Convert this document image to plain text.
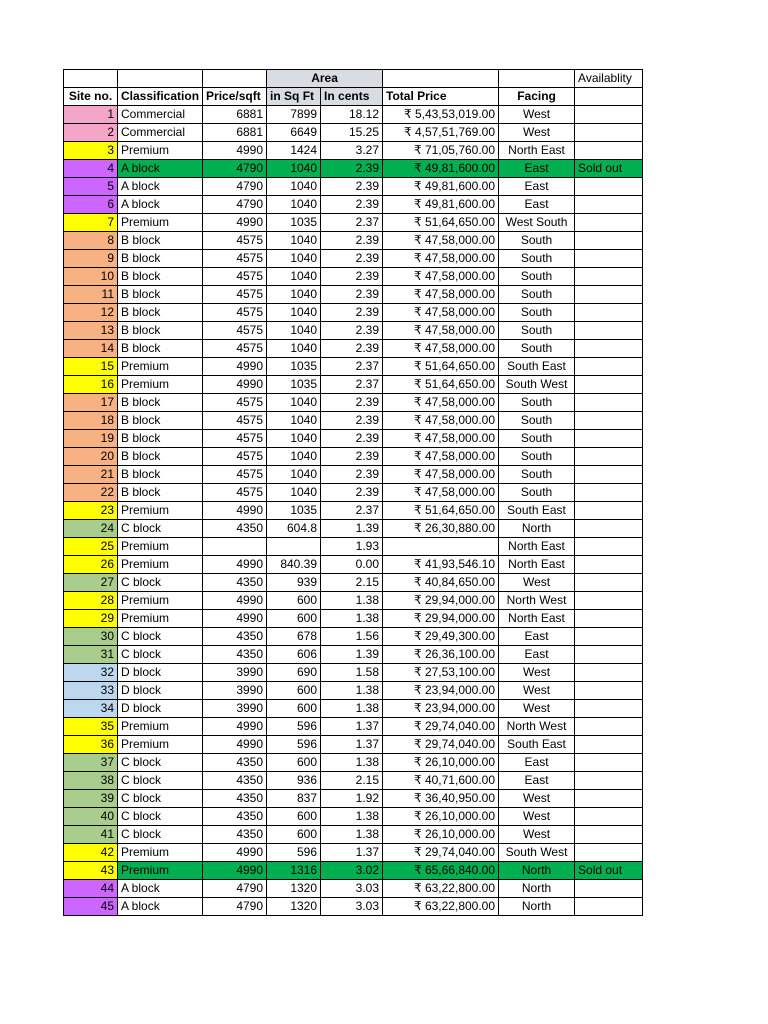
			Area				Availablity
Site no.	Classification	Price/sqft	in Sq Ft	In cents	Total Price	Facing	
1	Commercial	6881	7899	18.12	₹ 5,43,53,019.00	West	
2	Commercial	6881	6649	15.25	₹ 4,57,51,769.00	West	
3	Premium	4990	1424	3.27	₹ 71,05,760.00	North East	
4	A block	4790	1040	2.39	₹ 49,81,600.00	East	Sold out
5	A block	4790	1040	2.39	₹ 49,81,600.00	East	
6	A block	4790	1040	2.39	₹ 49,81,600.00	East	
7	Premium	4990	1035	2.37	₹ 51,64,650.00	West South	
8	B block	4575	1040	2.39	₹ 47,58,000.00	South	
9	B block	4575	1040	2.39	₹ 47,58,000.00	South	
10	B block	4575	1040	2.39	₹ 47,58,000.00	South	
11	B block	4575	1040	2.39	₹ 47,58,000.00	South	
12	B block	4575	1040	2.39	₹ 47,58,000.00	South	
13	B block	4575	1040	2.39	₹ 47,58,000.00	South	
14	B block	4575	1040	2.39	₹ 47,58,000.00	South	
15	Premium	4990	1035	2.37	₹ 51,64,650.00	South East	
16	Premium	4990	1035	2.37	₹ 51,64,650.00	South West	
17	B block	4575	1040	2.39	₹ 47,58,000.00	South	
18	B block	4575	1040	2.39	₹ 47,58,000.00	South	
19	B block	4575	1040	2.39	₹ 47,58,000.00	South	
20	B block	4575	1040	2.39	₹ 47,58,000.00	South	
21	B block	4575	1040	2.39	₹ 47,58,000.00	South	
22	B block	4575	1040	2.39	₹ 47,58,000.00	South	
23	Premium	4990	1035	2.37	₹ 51,64,650.00	South East	
24	C block	4350	604.8	1.39	₹ 26,30,880.00	North	
25	Premium			1.93		North East	
26	Premium	4990	840.39	0.00	₹ 41,93,546.10	North East	
27	C block	4350	939	2.15	₹ 40,84,650.00	West	
28	Premium	4990	600	1.38	₹ 29,94,000.00	North West	
29	Premium	4990	600	1.38	₹ 29,94,000.00	North East	
30	C block	4350	678	1.56	₹ 29,49,300.00	East	
31	C block	4350	606	1.39	₹ 26,36,100.00	East	
32	D block	3990	690	1.58	₹ 27,53,100.00	West	
33	D block	3990	600	1.38	₹ 23,94,000.00	West	
34	D block	3990	600	1.38	₹ 23,94,000.00	West	
35	Premium	4990	596	1.37	₹ 29,74,040.00	North West	
36	Premium	4990	596	1.37	₹ 29,74,040.00	South East	
37	C block	4350	600	1.38	₹ 26,10,000.00	East	
38	C block	4350	936	2.15	₹ 40,71,600.00	East	
39	C block	4350	837	1.92	₹ 36,40,950.00	West	
40	C block	4350	600	1.38	₹ 26,10,000.00	West	
41	C block	4350	600	1.38	₹ 26,10,000.00	West	
42	Premium	4990	596	1.37	₹ 29,74,040.00	South West	
43	Premium	4990	1316	3.02	₹ 65,66,840.00	North	Sold out
44	A block	4790	1320	3.03	₹ 63,22,800.00	North	
45	A block	4790	1320	3.03	₹ 63,22,800.00	North	
